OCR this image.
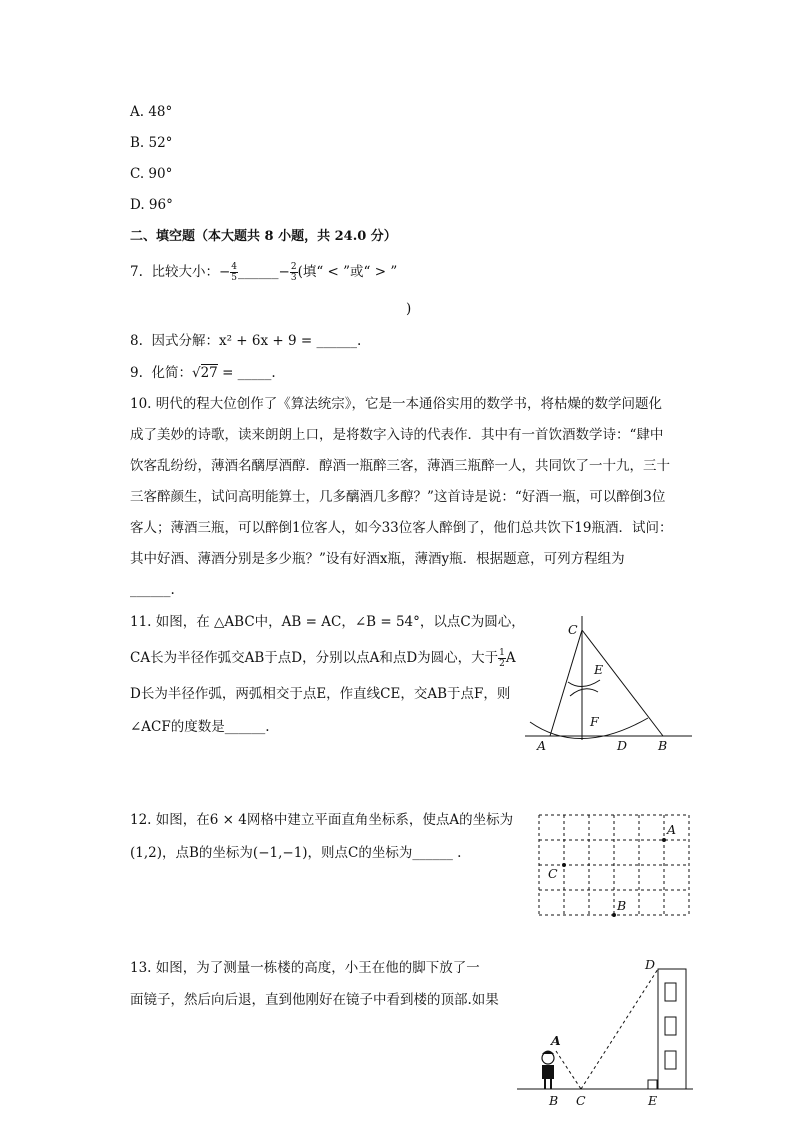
A. 48°
B. 52°
C. 90°
D. 96°
二、填空题（本大题共 8 小题，共 24.0 分）
7. 比较大小：− $\frac{4}{5}$ ______− $\frac{2}{3}$ (填“ < ”或“ > ”
)
8. 因式分解：x² + 6x + 9 = ______.
9. 化简：√27 = _____.
10. 明代的程大位创作了《算法统宗》，它是一本通俗实用的数学书，将枯燥的数学问题化
成了美妙的诗歌，读来朗朗上口，是将数字入诗的代表作．其中有一首饮酒数学诗：“肆中
饮客乱纷纷，薄酒名醨厚酒醇．醇酒一瓶醉三客，薄酒三瓶醉一人，共同饮了一十九，三十
三客醉颜生，试问高明能算士，几多醨酒几多醇？”这首诗是说：“好酒一瓶，可以醉倒3位
客人；薄酒三瓶，可以醉倒1位客人，如今33位客人醉倒了，他们总共饮下19瓶酒．试问：
其中好酒、薄酒分别是多少瓶？”设有好酒x瓶，薄酒y瓶．根据题意，可列方程组为
______.
11. 如图，在 △ABC中，AB = AC，∠B = 54°，以点C为圆心，
CA长为半径作弧交AB于点D，分别以点A和点D为圆心，大于 $\frac{1}{2}$ A
D长为半径作弧，两弧相交于点E，作直线CE，交AB于点F，则
∠ACF的度数是______.
C
E
F
A	D B
12. 如图，在6 × 4网格中建立平面直角坐标系，使点A的坐标为
(1,2)，点B的坐标为(−1,−1)，则点C的坐标为______ .
A
C
B
13. 如图，为了测量一栋楼的高度，小王在他的脚下放了一
面镜子，然后向后退，直到他刚好在镜子中看到楼的顶部.如果
D
A
B C	E
